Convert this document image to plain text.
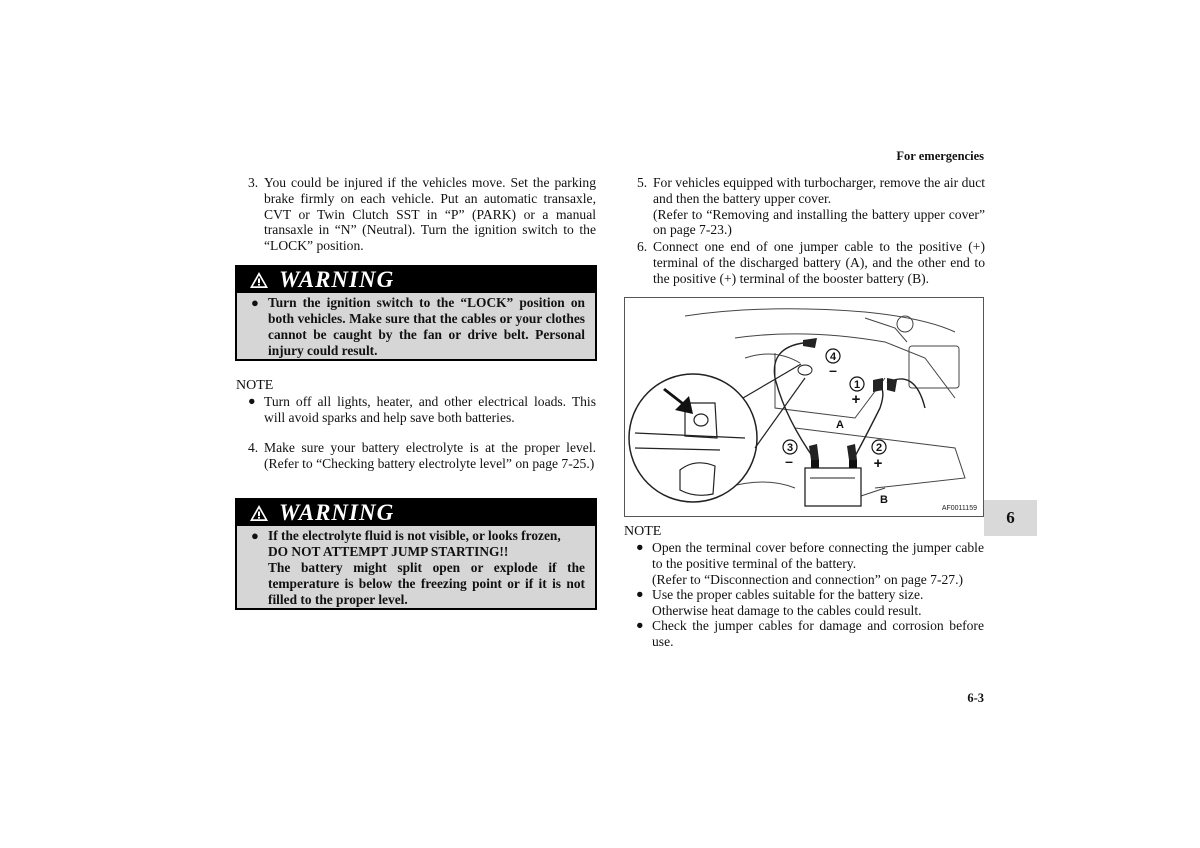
For emergencies
6-3
6
3. You could be injured if the vehicles move. Set the parking brake firmly on each vehicle. Put an automatic transaxle, CVT or Twin Clutch SST in “P” (PARK) or a manual transaxle in “N” (Neutral). Turn the ignition switch to the “LOCK” position.
WARNING
● Turn the ignition switch to the “LOCK” position on both vehicles. Make sure that the cables or your clothes cannot be caught by the fan or drive belt. Personal injury could result.
NOTE
● Turn off all lights, heater, and other electrical loads. This will avoid sparks and help save both batteries.
4. Make sure your battery electrolyte is at the proper level. (Refer to “Checking battery electrolyte level” on page 7-25.)
WARNING
● If the electrolyte fluid is not visible, or looks frozen,
DO NOT ATTEMPT JUMP STARTING!!
The battery might split open or explode if the temperature is below the freezing point or if it is not filled to the proper level.
5. For vehicles equipped with turbocharger, remove the air duct and then the battery upper cover.
(Refer to “Removing and installing the battery upper cover” on page 7-23.)
6. Connect one end of one jumper cable to the positive (+) terminal of the discharged battery (A), and the other end to the positive (+) terminal of the booster battery (B).
4
1
3	2
–
+
–	+
A
B
AF0011159
NOTE
● Open the terminal cover before connecting the jumper cable to the positive terminal of the battery.
(Refer to “Disconnection and connection” on page 7-27.)
● Use the proper cables suitable for the battery size.
Otherwise heat damage to the cables could result.
● Check the jumper cables for damage and corrosion before use.
